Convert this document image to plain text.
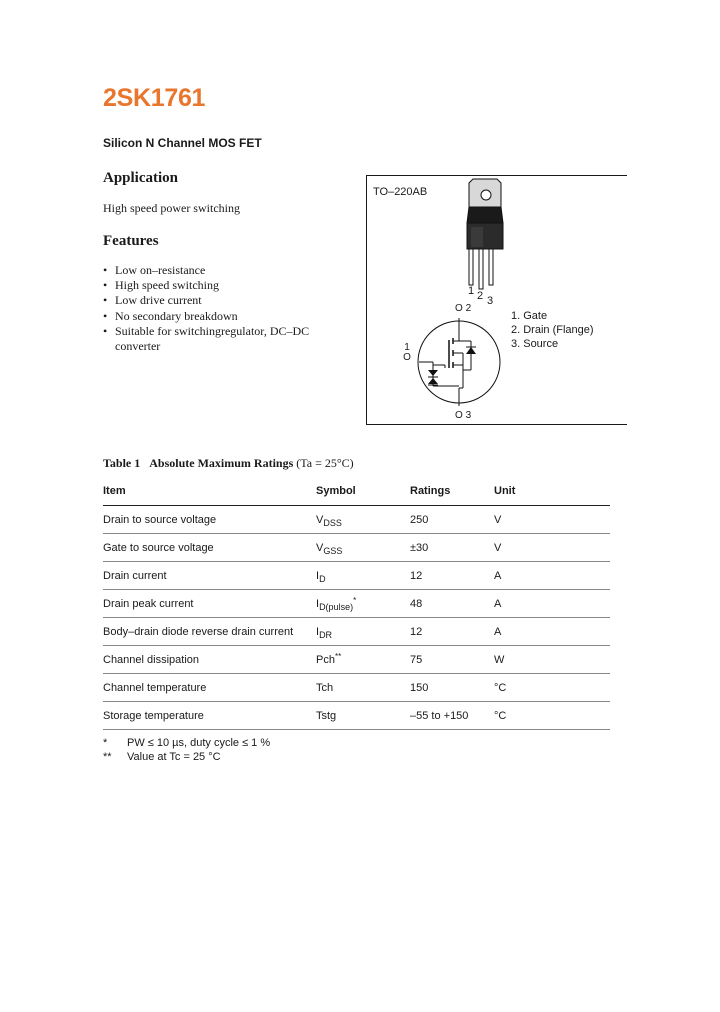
2SK1761
Silicon N Channel MOS FET
Application
High speed power switching
Features
• Low on–resistance
• High speed switching
• Low drive current
• No secondary breakdown
• Suitable for switchingregulator, DC–DC converter
TO–220AB
1 2 3
1. Gate
2. Drain (Flange)
3. Source
O 2
O 3
1
O
Table 1 Absolute Maximum Ratings (Ta = 25°C)
Item	Symbol	Ratings	Unit
Drain to source voltage	$V_{DSS}$	250	V
Gate to source voltage	$V_{GSS}$	±30	V
Drain current	$I_D$	12	A
Drain peak current	$I_{D(pulse)}^*$	48	A
Body–drain diode reverse drain current	$I_{DR}$	12	A
Channel dissipation	Pch**	75	W
Channel temperature	Tch	150	°C
Storage temperature	Tstg	–55 to +150	°C
* PW ≤ 10 µs, duty cycle ≤ 1 %
** Value at Tc = 25 °C
